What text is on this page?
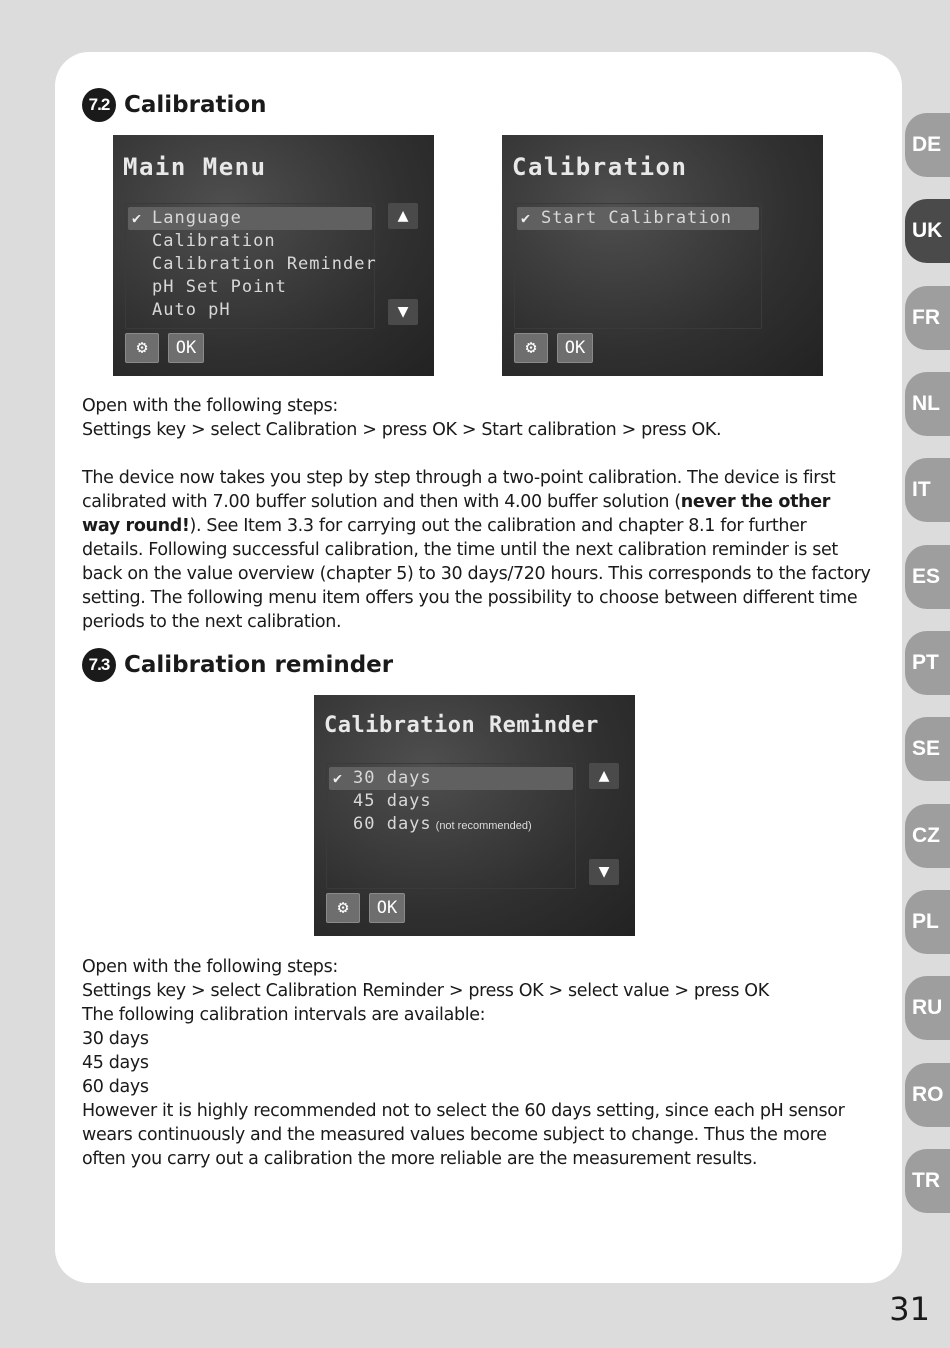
7.2 Calibration
Main Menu
✔ Language
Calibration
Calibration Reminder
pH Set Point
Auto pH
▲
▼
⚙	OK
Calibration
✔ Start Calibration
⚙	OK

Open with the following steps:

Settings key > select Calibration > press OK > Start calibration > press OK.

The device now takes you step by step through a two-point calibration. The device is first calibrated with 7.00 buffer solution and then with 4.00 buffer solution (never the other way round!). See Item 3.3 for carrying out the calibration and chapter 8.1 for further details. Following successful calibration, the time until the next calibration reminder is set back on the value overview (chapter 5) to 30 days/720 hours. This corresponds to the factory setting. The following menu item offers you the possibility to choose between different time periods to the next calibration.

7.3 Calibration reminder
Calibration Reminder
✔ 30 days
45 days
60 days (not recommended)
▲
▼
⚙	OK

Open with the following steps:

Settings key > select Calibration Reminder > press OK > select value > press OK

The following calibration intervals are available:

30 days

45 days

60 days

However it is highly recommended not to select the 60 days setting, since each pH sensor wears continuously and the measured values become subject to change. Thus the more often you carry out a calibration the more reliable are the measurement results.

DE
UK
FR
NL
IT
ES
PT
SE
CZ
PL
RU
RO
TR
31
